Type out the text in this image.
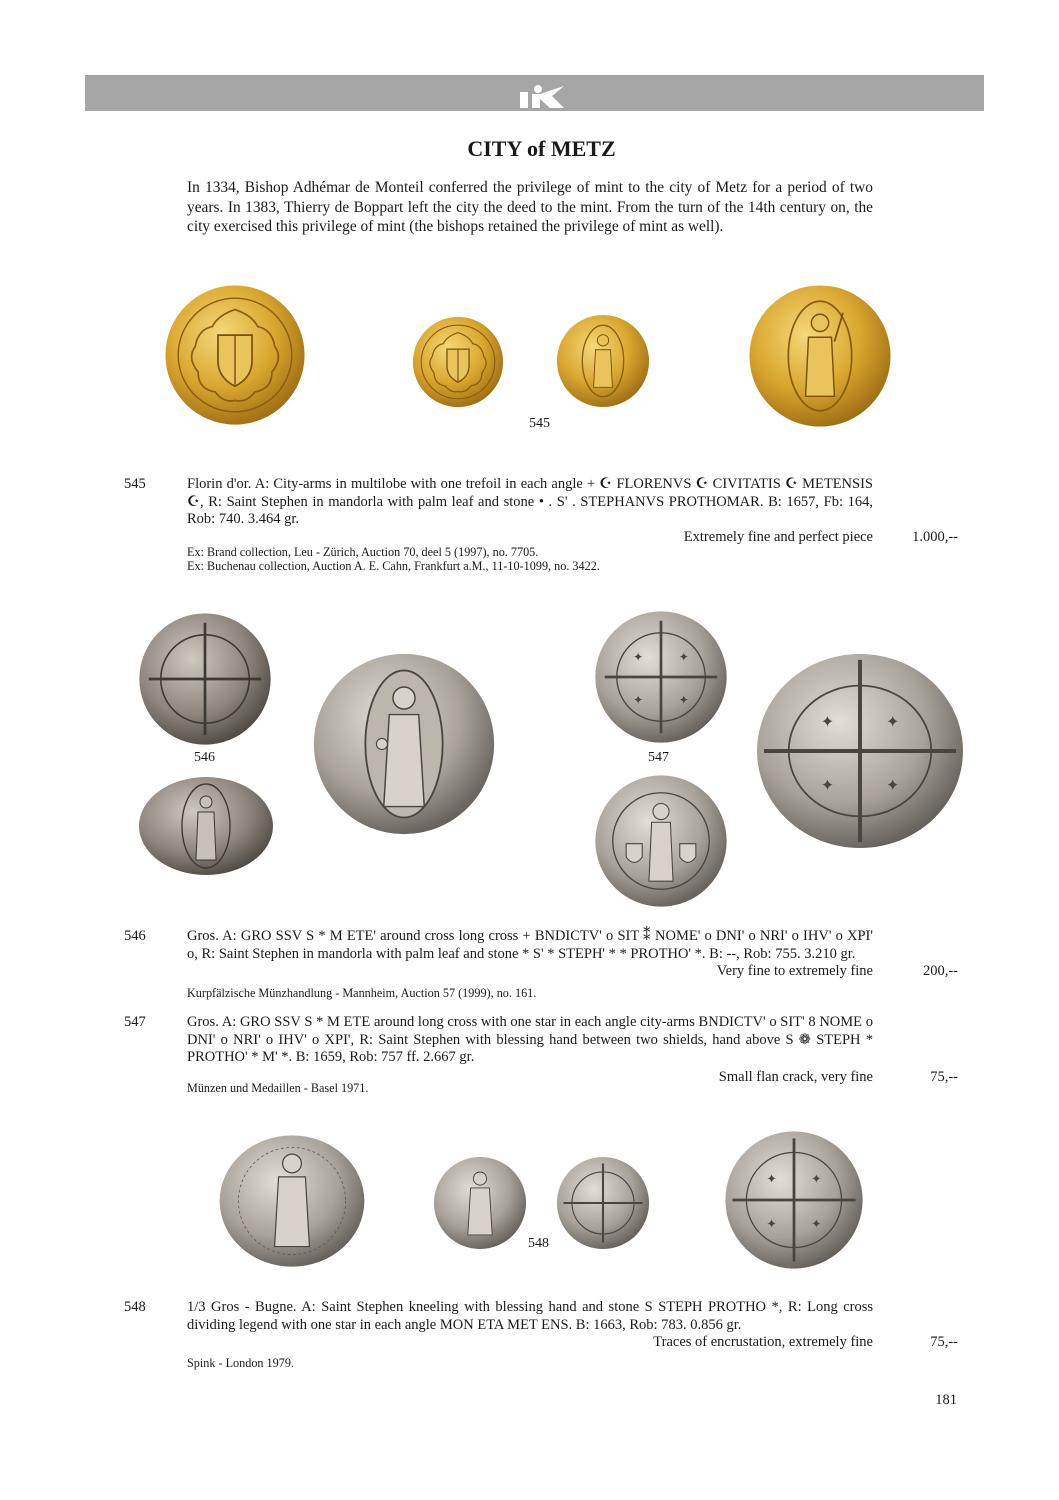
CITY of METZ
In 1334, Bishop Adhémar de Monteil conferred the privilege of mint to the city of Metz for a period of two years. In 1383, Thierry de Boppart left the city the deed to the mint. From the turn of the 14th century on, the city exercised this privilege of mint (the bishops retained the privilege of mint as well).
545
545	Florin d'or. A: City-arms in multilobe with one trefoil in each angle + ☪ FLORENVS ☪ CIVITATIS ☪ METENSIS ☪, R: Saint Stephen in mandorla with palm leaf and stone • . S' . STEPHANVS PROTHOMAR. B: 1657, Fb: 164, Rob: 740. 3.464 gr.
Extremely fine and perfect piece	1.000,--
Ex: Brand collection, Leu - Zürich, Auction 70, deel 5 (1997), no. 7705.
Ex: Buchenau collection, Auction A. E. Cahn, Frankfurt a.M., 11-10-1099, no. 3422.
✦	✦
✦	✦
✦	✦
✦	✦
546	547
546	Gros. A: GRO SSV S * M ETE' around cross long cross + BNDICTV' o SIT ⁑ NOME' o DNI' o NRI' o IHV' o XPI' o, R: Saint Stephen in mandorla with palm leaf and stone * S' * STEPH' * * PROTHO' *. B: --, Rob: 755. 3.210 gr.
Very fine to extremely fine	200,--
Kurpfälzische Münzhandlung - Mannheim, Auction 57 (1999), no. 161.
547	Gros. A: GRO SSV S * M ETE around long cross with one star in each angle city-arms BNDICTV' o SIT' 8 NOME o DNI' o NRI' o IHV' o XPI', R: Saint Stephen with blessing hand between two shields, hand above S ❁ STEPH * PROTHO' * M' *. B: 1659, Rob: 757 ff. 2.667 gr.
Small flan crack, very fine	75,--
Münzen und Medaillen - Basel 1971.
✦	✦
✦	✦
548
548	1/3 Gros - Bugne. A: Saint Stephen kneeling with blessing hand and stone S STEPH PROTHO *, R: Long cross dividing legend with one star in each angle MON ETA MET ENS. B: 1663, Rob: 783. 0.856 gr.
Traces of encrustation, extremely fine	75,--
Spink - London 1979.
181
